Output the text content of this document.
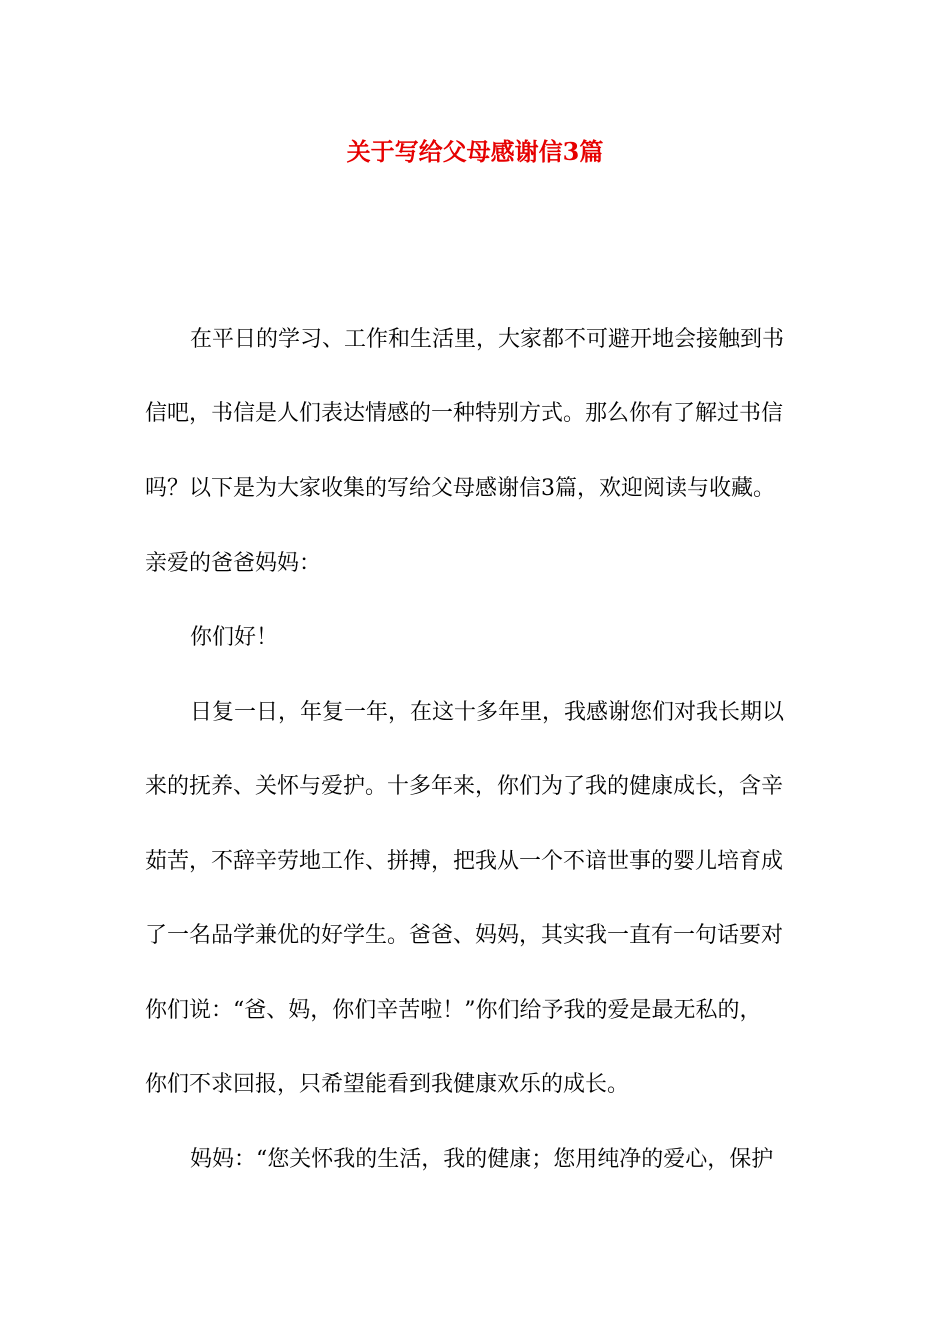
关于写给父母感谢信3篇
在平日的学习、工作和生活里，大家都不可避开地会接触到书
信吧，书信是人们表达情感的一种特别方式。那么你有了解过书信
吗？以下是为大家收集的写给父母感谢信3篇，欢迎阅读与收藏。
亲爱的爸爸妈妈：
你们好！
日复一日，年复一年，在这十多年里，我感谢您们对我长期以
来的抚养、关怀与爱护。十多年来，你们为了我的健康成长，含辛
茹苦，不辞辛劳地工作、拼搏，把我从一个不谙世事的婴儿培育成
了一名品学兼优的好学生。爸爸、妈妈，其实我一直有一句话要对
你们说：“爸、妈，你们辛苦啦！”你们给予我的爱是最无私的，
你们不求回报，只希望能看到我健康欢乐的成长。
妈妈：“您关怀我的生活，我的健康；您用纯净的爱心，保护
